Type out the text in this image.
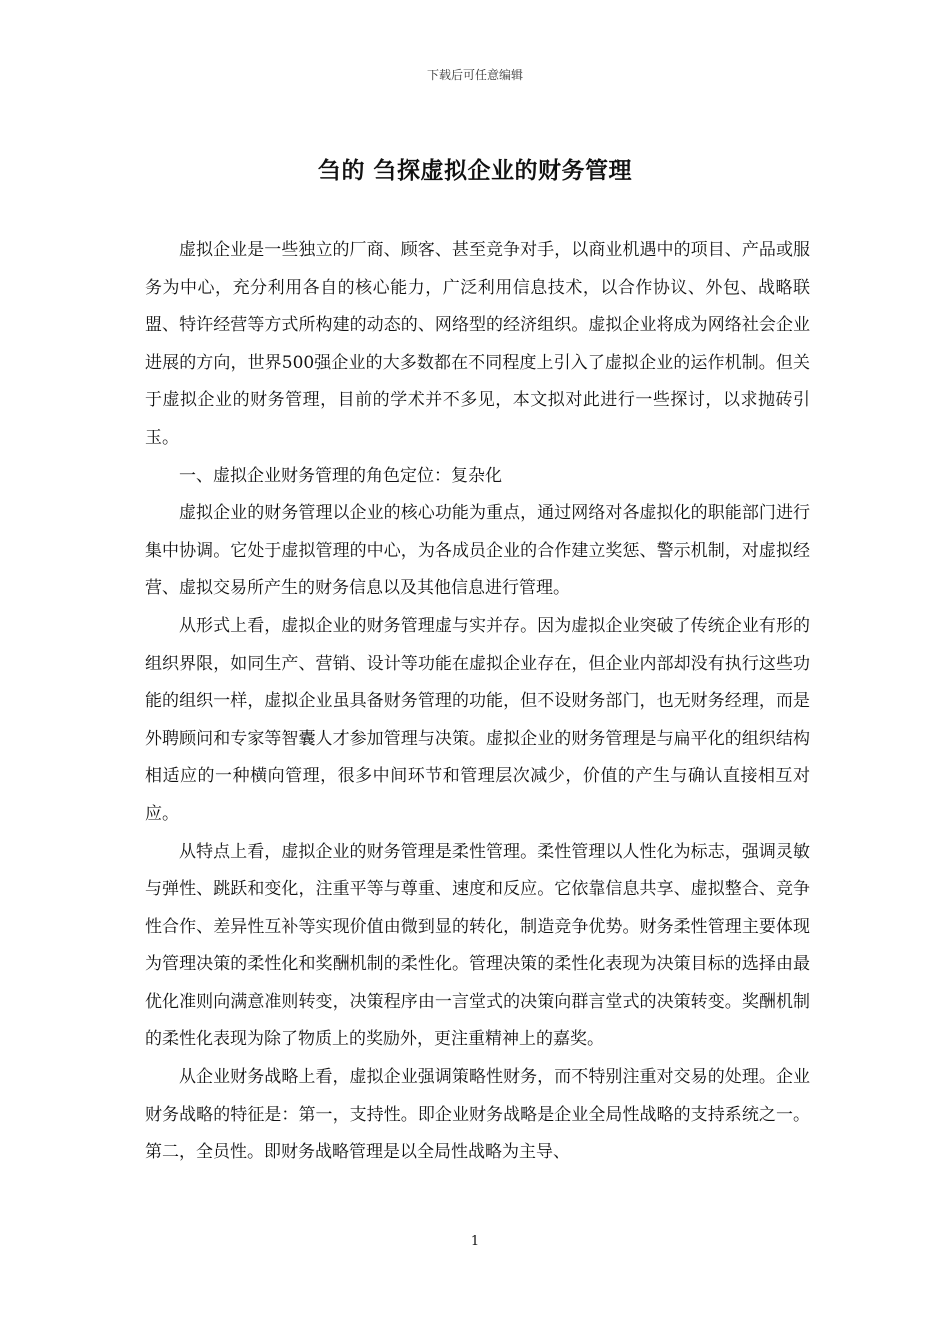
下载后可任意编辑
刍的 刍探虚拟企业的财务管理

虚拟企业是一些独立的厂商、顾客、甚至竞争对手，以商业机遇中的项目、产品或服务为中心，充分利用各自的核心能力，广泛利用信息技术，以合作协议、外包、战略联盟、特许经营等方式所构建的动态的、网络型的经济组织。虚拟企业将成为网络社会企业进展的方向，世界500强企业的大多数都在不同程度上引入了虚拟企业的运作机制。但关于虚拟企业的财务管理，目前的学术并不多见，本文拟对此进行一些探讨，以求抛砖引玉。

一、虚拟企业财务管理的角色定位：复杂化

虚拟企业的财务管理以企业的核心功能为重点，通过网络对各虚拟化的职能部门进行集中协调。它处于虚拟管理的中心，为各成员企业的合作建立奖惩、警示机制，对虚拟经营、虚拟交易所产生的财务信息以及其他信息进行管理。

从形式上看，虚拟企业的财务管理虚与实并存。因为虚拟企业突破了传统企业有形的组织界限，如同生产、营销、设计等功能在虚拟企业存在，但企业内部却没有执行这些功能的组织一样，虚拟企业虽具备财务管理的功能，但不设财务部门，也无财务经理，而是外聘顾问和专家等智囊人才参加管理与决策。虚拟企业的财务管理是与扁平化的组织结构相适应的一种横向管理，很多中间环节和管理层次减少，价值的产生与确认直接相互对应。

从特点上看，虚拟企业的财务管理是柔性管理。柔性管理以人性化为标志，强调灵敏与弹性、跳跃和变化，注重平等与尊重、速度和反应。它依靠信息共享、虚拟整合、竞争性合作、差异性互补等实现价值由微到显的转化，制造竞争优势。财务柔性管理主要体现为管理决策的柔性化和奖酬机制的柔性化。管理决策的柔性化表现为决策目标的选择由最优化准则向满意准则转变，决策程序由一言堂式的决策向群言堂式的决策转变。奖酬机制的柔性化表现为除了物质上的奖励外，更注重精神上的嘉奖。

从企业财务战略上看，虚拟企业强调策略性财务，而不特别注重对交易的处理。企业财务战略的特征是：第一，支持性。即企业财务战略是企业全局性战略的支持系统之一。第二，全员性。即财务战略管理是以全局性战略为主导、

1
